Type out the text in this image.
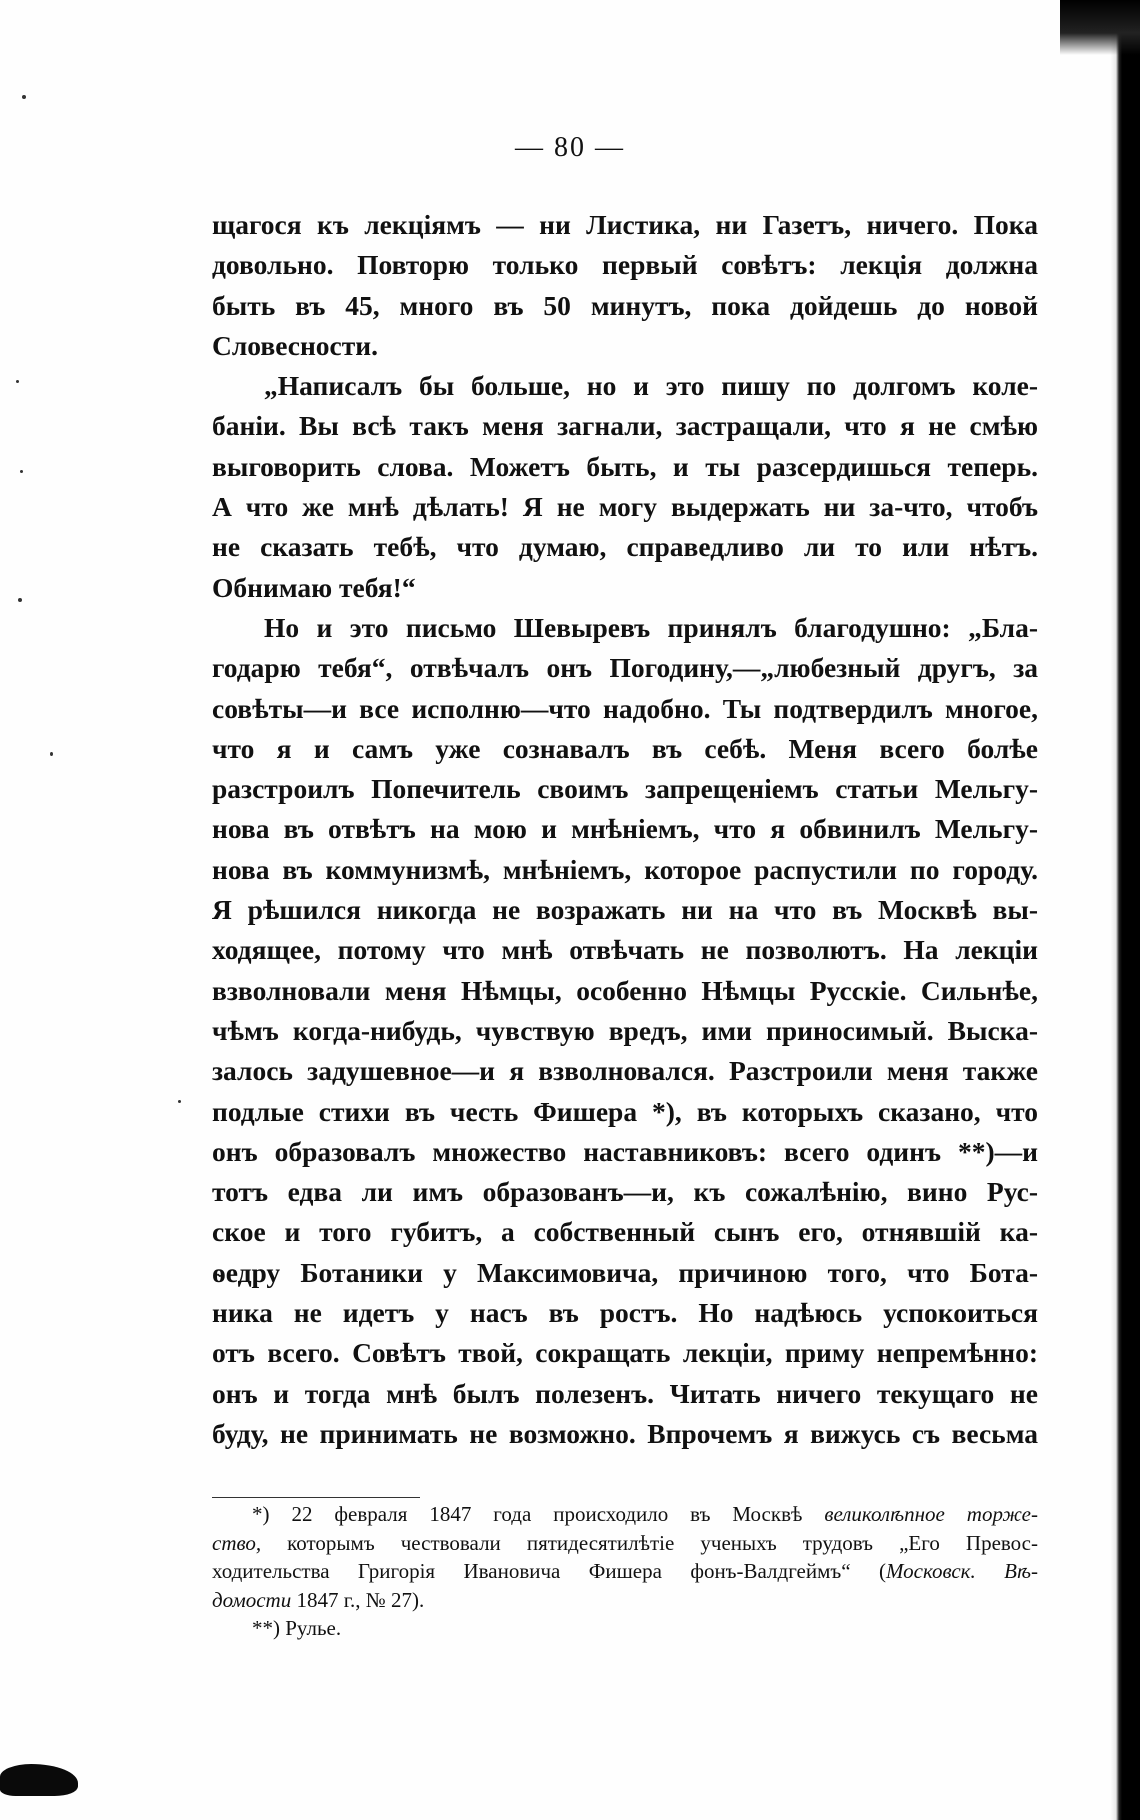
— 80 —
щагося къ лекціямъ — ни Листика, ни Газетъ, ничего. Пока
довольно. Повторю только первый совѣтъ: лекція должна
быть въ 45, много въ 50 минутъ, пока дойдешь до новой
Словесности.
„Написалъ бы больше, но и это пишу по долгомъ коле-
баніи. Вы всѣ такъ меня загнали, застращали, что я не смѣю
выговорить слова. Можетъ быть, и ты разсердишься теперь.
А что же мнѣ дѣлать! Я не могу выдержать ни за-что, чтобъ
не сказать тебѣ, что думаю, справедливо ли то или нѣтъ.
Обнимаю тебя!“
Но и это письмо Шевыревъ принялъ благодушно: „Бла-
годарю тебя“, отвѣчалъ онъ Погодину,—„любезный другъ, за
совѣты—и все исполню—что надобно. Ты подтвердилъ многое,
что я и самъ уже сознавалъ въ себѣ. Меня всего болѣе
разстроилъ Попечитель своимъ запрещеніемъ статьи Мельгу-
нова въ отвѣтъ на мою и мнѣніемъ, что я обвинилъ Мельгу-
нова въ коммунизмѣ, мнѣніемъ, которое распустили по городу.
Я рѣшился никогда не возражать ни на что въ Москвѣ вы-
ходящее, потому что мнѣ отвѣчать не позволютъ. На лекціи
взволновали меня Нѣмцы, особенно Нѣмцы Русскіе. Сильнѣе,
чѣмъ когда-нибудь, чувствую вредъ, ими приносимый. Выска-
залось задушевное—и я взволновался. Разстроили меня также
подлые стихи въ честь Фишера *), въ которыхъ сказано, что
онъ образовалъ множество наставниковъ: всего одинъ **)—и
тотъ едва ли имъ образованъ—и, къ сожалѣнію, вино Рус-
ское и того губитъ, а собственный сынъ его, отнявшій ка-
ѳедру Ботаники у Максимовича, причиною того, что Бота-
ника не идетъ у насъ въ ростъ. Но надѣюсь успокоиться
отъ всего. Совѣтъ твой, сокращать лекціи, приму непремѣнно:
онъ и тогда мнѣ былъ полезенъ. Читать ничего текущаго не
буду, не принимать не возможно. Впрочемъ я вижусь съ весьма
*) 22 февраля 1847 года происходило въ Москвѣ великолѣпное торже-
ство, которымъ чествовали пятидесятилѣтіе ученыхъ трудовъ „Его Превос-
ходительства Григорія Ивановича Фишера фонъ-Валдгеймъ“ (Московск. Вѣ-
домости 1847 г., № 27).
**) Рулье.
